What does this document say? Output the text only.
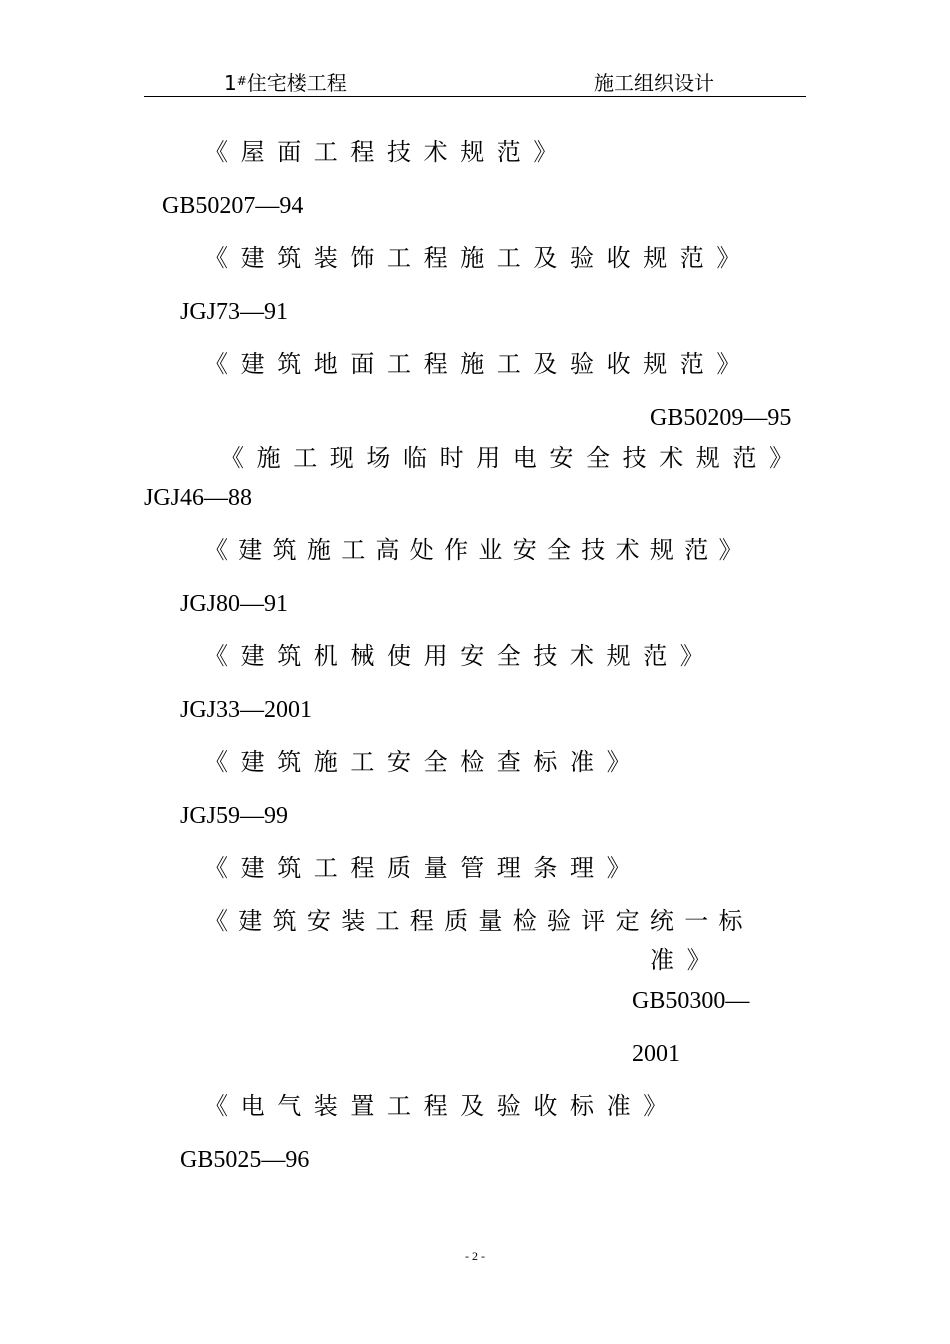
1#住宅楼工程	施工组织设计
《屋面工程技术规范》
GB50207—94
《建筑装饰工程施工及验收规范》
JGJ73—91
《建筑地面工程施工及验收规范》
GB50209—95
《施工现场临时用电安全技术规范》
JGJ46—88
《建筑施工高处作业安全技术规范》
JGJ80—91
《建筑机械使用安全技术规范》
JGJ33—2001
《建筑施工安全检查标准》
JGJ59—99
《建筑工程质量管理条理》
《建筑安装工程质量检验评定统一标
准》
GB50300—
2001
《电气装置工程及验收标准》
GB5025—96
- 2 -
